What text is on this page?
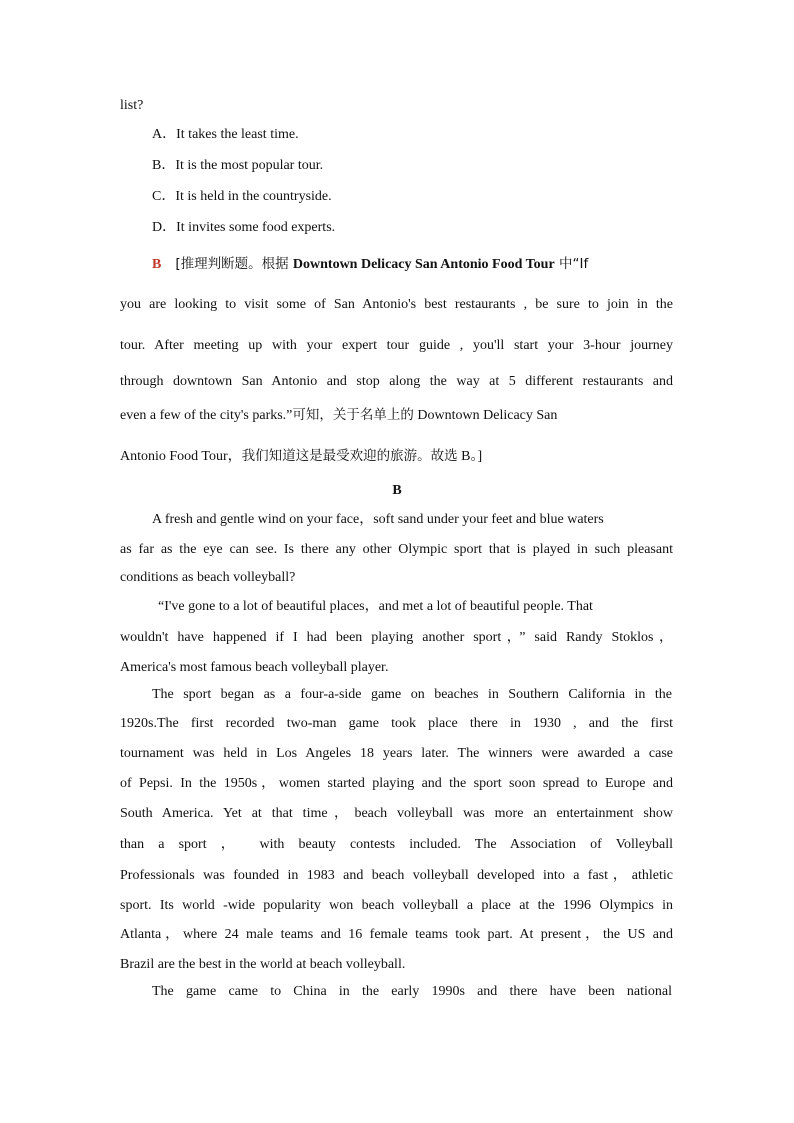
list?

A．It takes the least time.

B．It is the most popular tour.

C．It is held in the countryside.

D．It invites some food experts.

B [推理判断题。根据 Downtown Delicacy San Antonio Food Tour 中“If

you are looking to visit some of San Antonio's best restaurants , be sure to join in the

tour. After meeting up with your expert tour guide , you'll start your 3-hour journey

through downtown San Antonio and stop along the way at 5 different restaurants and

even a few of the city's parks.”可知，关于名单上的 Downtown Delicacy San

Antonio Food Tour，我们知道这是最受欢迎的旅游。故选 B。]

B

A fresh and gentle wind on your face，soft sand under your feet and blue waters

as far as the eye can see. Is there any other Olympic sport that is played in such pleasant

conditions as beach volleyball?

“I've gone to a lot of beautiful places，and met a lot of beautiful people. That

wouldn't have happened if I had been playing another sport，” said Randy Stoklos，

America's most famous beach volleyball player.

The sport began as a four-a-side game on beaches in Southern California in the

1920s.The first recorded two-man game took place there in 1930 , and the first

tournament was held in Los Angeles 18 years later. The winners were awarded a case

of Pepsi. In the 1950s，women started playing and the sport soon spread to Europe and

South America. Yet at that time，beach volleyball was more an entertainment show

than a sport ， with beauty contests included. The Association of Volleyball

Professionals was founded in 1983 and beach volleyball developed into a fast，athletic

sport. Its world -wide popularity won beach volleyball a place at the 1996 Olympics in

Atlanta，where 24 male teams and 16 female teams took part. At present，the US and

Brazil are the best in the world at beach volleyball.

The game came to China in the early 1990s and there have been national
